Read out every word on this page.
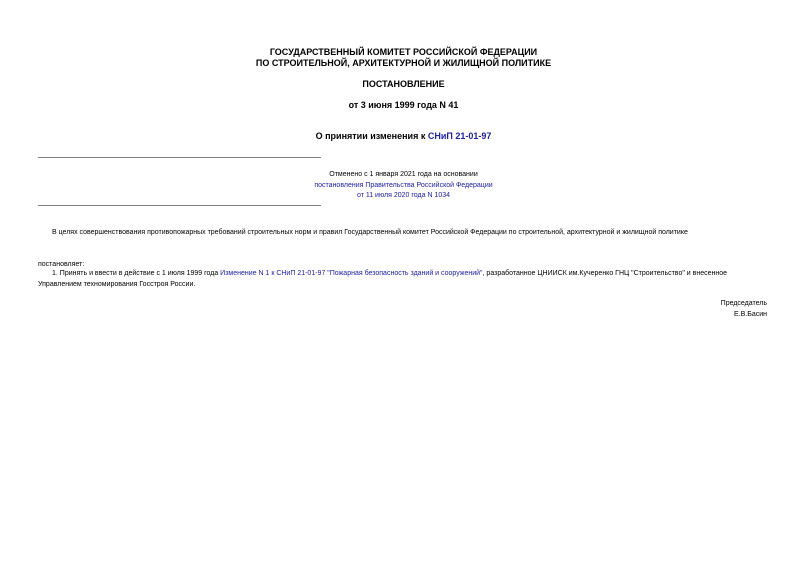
ГОСУДАРСТВЕННЫЙ КОМИТЕТ РОССИЙСКОЙ ФЕДЕРАЦИИ
ПО СТРОИТЕЛЬНОЙ, АРХИТЕКТУРНОЙ И ЖИЛИЩНОЙ ПОЛИТИКЕ
ПОСТАНОВЛЕНИЕ
от 3 июня 1999 года N 41
О принятии изменения к СНиП 21-01-97
Отменено с 1 января 2021 года на основании
постановления Правительства Российской Федерации
от 11 июля 2020 года N 1034
В целях совершенствования противопожарных требований строительных норм и правил Государственный комитет Российской Федерации по строительной, архитектурной и жилищной политике
постановляет:
1. Принять и ввести в действие с 1 июля 1999 года Изменение N 1 к СНиП 21-01-97 "Пожарная безопасность зданий и сооружений", разработанное ЦНИИСК им.Кучеренко ГНЦ "Строительство" и внесенное
Управлением техномирования Госстроя России.
Председатель
Е.В.Басин
